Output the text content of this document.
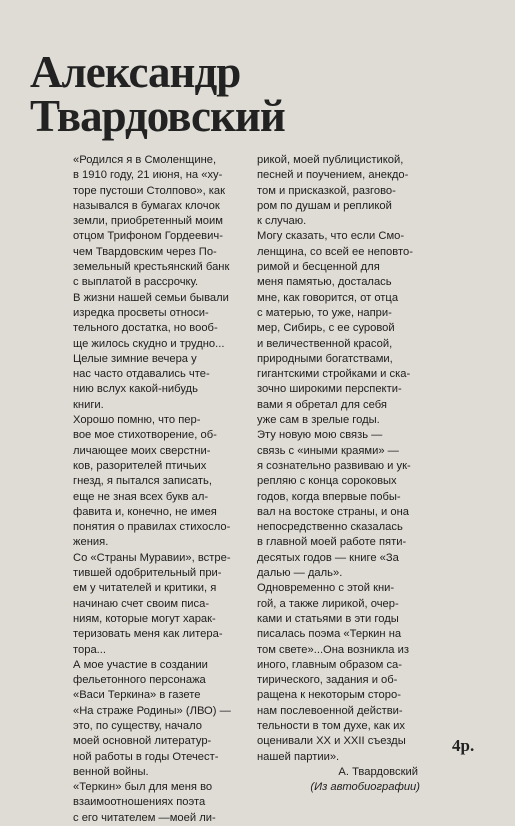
Александр
Твардовский

«Родился я в Смоленщине,

в 1910 году, 21 июня, на «ху-

торе пустоши Столпово», как

назывался в бумагах клочок

земли, приобретенный моим

отцом Трифоном Гордеевич-

чем Твардовским через По-

земельный крестьянский банк

с выплатой в рассрочку.

В жизни нашей семьи бывали

изредка просветы относи-

тельного достатка, но вооб-

ще жилось скудно и трудно...

Целые зимние вечера у

нас часто отдавались чте-

нию вслух какой-нибудь

книги.

Хорошо помню, что пер-

вое мое стихотворение, об-

личающее моих сверстни-

ков, разорителей птичьих

гнезд, я пытался записать,

еще не зная всех букв ал-

фавита и, конечно, не имея

понятия о правилах стихосло-

жения.

Со «Страны Муравии», встре-

тившей одобрительный при-

ем у читателей и критики, я

начинаю счет своим писа-

ниям, которые могут харак-

теризовать меня как литера-

тора...

А мое участие в создании

фельетонного персонажа

«Васи Теркина» в газете

«На страже Родины» (ЛВО) —

это, по существу, начало

моей основной литератур-

ной работы в годы Отечест-

венной войны.

«Теркин» был для меня во

взаимоотношениях поэта

с его читателем —моей ли-

рикой, моей публицистикой,

песней и поучением, анекдо-

том и присказкой, разгово-

ром по душам и репликой

к случаю.

Могу сказать, что если Смо-

ленщина, со всей ее неповто-

римой и бесценной для

меня памятью, досталась

мне, как говорится, от отца

с матерью, то уже, напри-

мер, Сибирь, с ее суровой

и величественной красой,

природными богатствами,

гигантскими стройками и ска-

зочно широкими перспекти-

вами я обретал для себя

уже сам в зрелые годы.

Эту новую мою связь —

связь с «иными краями» —

я сознательно развиваю и ук-

репляю с конца сороковых

годов, когда впервые побы-

вал на востоке страны, и она

непосредственно сказалась

в главной моей работе пяти-

десятых годов — книге «За

далью — даль».

Одновременно с этой кни-

гой, а также лирикой, очер-

ками и статьями в эти годы

писалась поэма «Теркин на

том свете»...Она возникла из

иного, главным образом са-

тирического, задания и об-

ращена к некоторым сторо-

нам послевоенной действи-

тельности в том духе, как их

оценивали XX и XXII съезды

нашей партии».

А. Твардовский

(Из автобиографии)

4р.
